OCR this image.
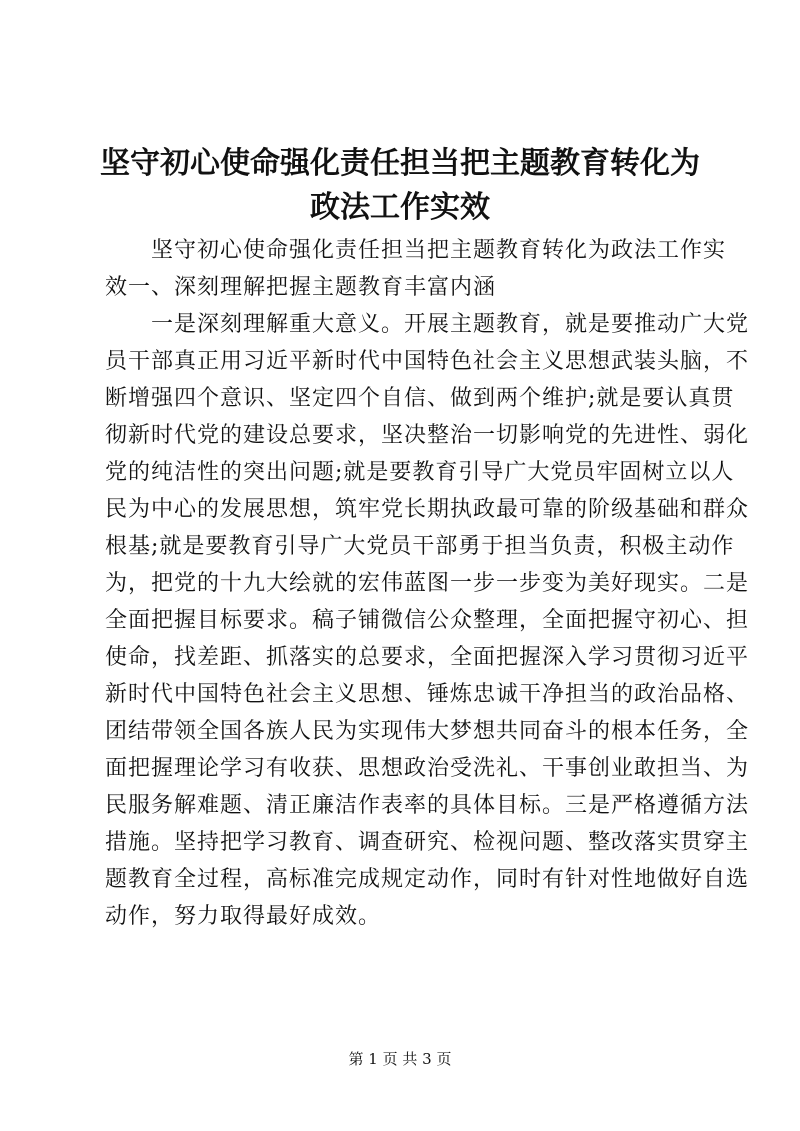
坚守初心使命强化责任担当把主题教育转化为
政法工作实效
　　坚守初心使命强化责任担当把主题教育转化为政法工作实
效一、深刻理解把握主题教育丰富内涵
　　一是深刻理解重大意义。开展主题教育，就是要推动广大党
员干部真正用习近平新时代中国特色社会主义思想武装头脑，不
断增强四个意识、坚定四个自信、做到两个维护;就是要认真贯
彻新时代党的建设总要求，坚决整治一切影响党的先进性、弱化
党的纯洁性的突出问题;就是要教育引导广大党员牢固树立以人
民为中心的发展思想，筑牢党长期执政最可靠的阶级基础和群众
根基;就是要教育引导广大党员干部勇于担当负责，积极主动作
为，把党的十九大绘就的宏伟蓝图一步一步变为美好现实。二是
全面把握目标要求。稿子铺微信公众整理，全面把握守初心、担
使命，找差距、抓落实的总要求，全面把握深入学习贯彻习近平
新时代中国特色社会主义思想、锤炼忠诚干净担当的政治品格、
团结带领全国各族人民为实现伟大梦想共同奋斗的根本任务，全
面把握理论学习有收获、思想政治受洗礼、干事创业敢担当、为
民服务解难题、清正廉洁作表率的具体目标。三是严格遵循方法
措施。坚持把学习教育、调查研究、检视问题、整改落实贯穿主
题教育全过程，高标准完成规定动作，同时有针对性地做好自选
动作，努力取得最好成效。
第 1 页 共 3 页
